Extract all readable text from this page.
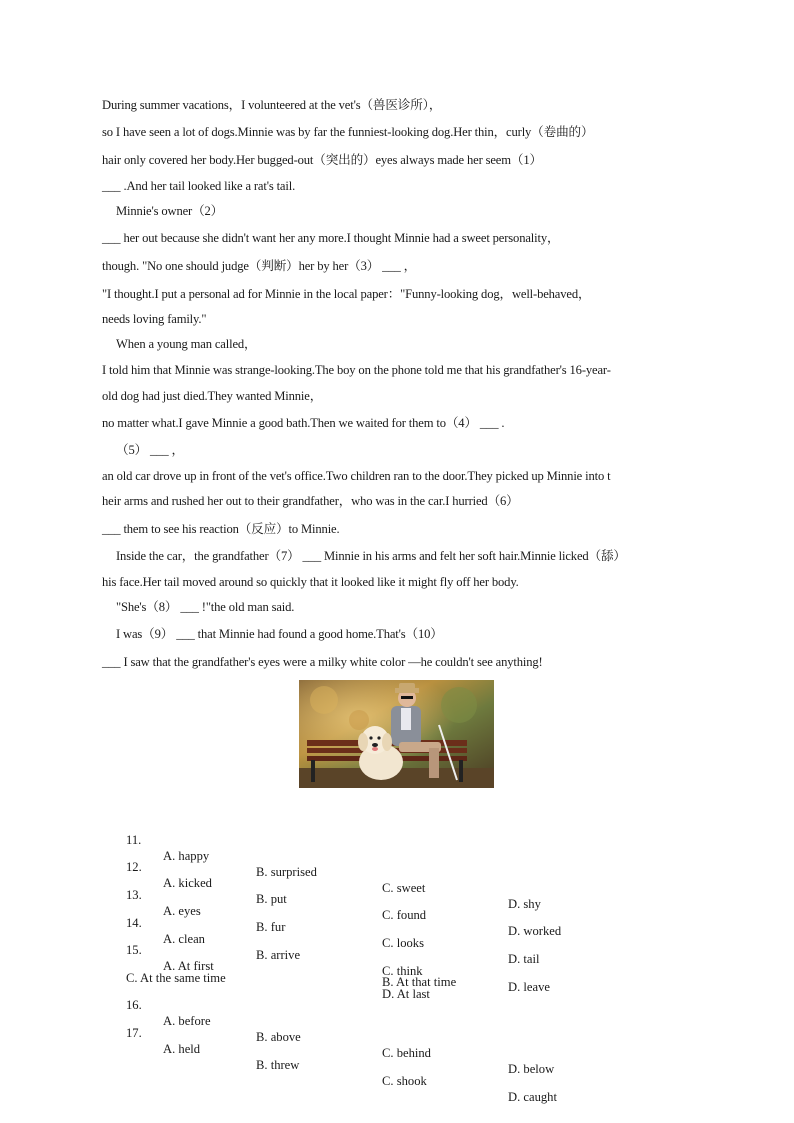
During summer vacations，I volunteered at the vet's（兽医诊所），
so I have seen a lot of dogs.Minnie was by far the funniest-looking dog.Her thin，curly（卷曲的）
hair only covered her body.Her bugged-out（突出的）eyes always made her seem（1）
___ .And her tail looked like a rat's tail.
Minnie's owner（2）
___ her out because she didn't want her any more.I thought Minnie had a sweet personality，
though. "No one should judge（判断）her by her（3） ___ ，
"I thought.I put a personal ad for Minnie in the local paper："Funny-looking dog，well-behaved，
needs loving family."
When a young man called，
I told him that Minnie was strange-looking.The boy on the phone told me that his grandfather's 16-year-
old dog had just died.They wanted Minnie，
no matter what.I gave Minnie a good bath.Then we waited for them to（4） ___ .
（5） ___ ，
an old car drove up in front of the vet's office.Two children ran to the door.They picked up Minnie into t
heir arms and rushed her out to their grandfather，who was in the car.I hurried（6）
___ them to see his reaction（反应）to Minnie.
Inside the car，the grandfather（7） ___ Minnie in his arms and felt her soft hair.Minnie licked（舔）
his face.Her tail moved around so quickly that it looked like it might fly off her body.
"She's（8） ___ !"the old man said.
I was（9） ___ that Minnie had found a good home.That's（10）
___ I saw that the grandfather's eyes were a milky white color —he couldn't see anything!

11.

A. happy

B. surprised

C. sweet

D. shy

12.

A. kicked

B. put

C. found

D. worked

13.

A. eyes

B. fur

C. looks

D. tail

14.

A. clean

B. arrive

C. think

D. leave

15.

A. At first

B. At that time

C. At the same time

D. At last

16.

A. before

B. above

C. behind

D. below

17.

A. held

B. threw

C. shook

D. caught
